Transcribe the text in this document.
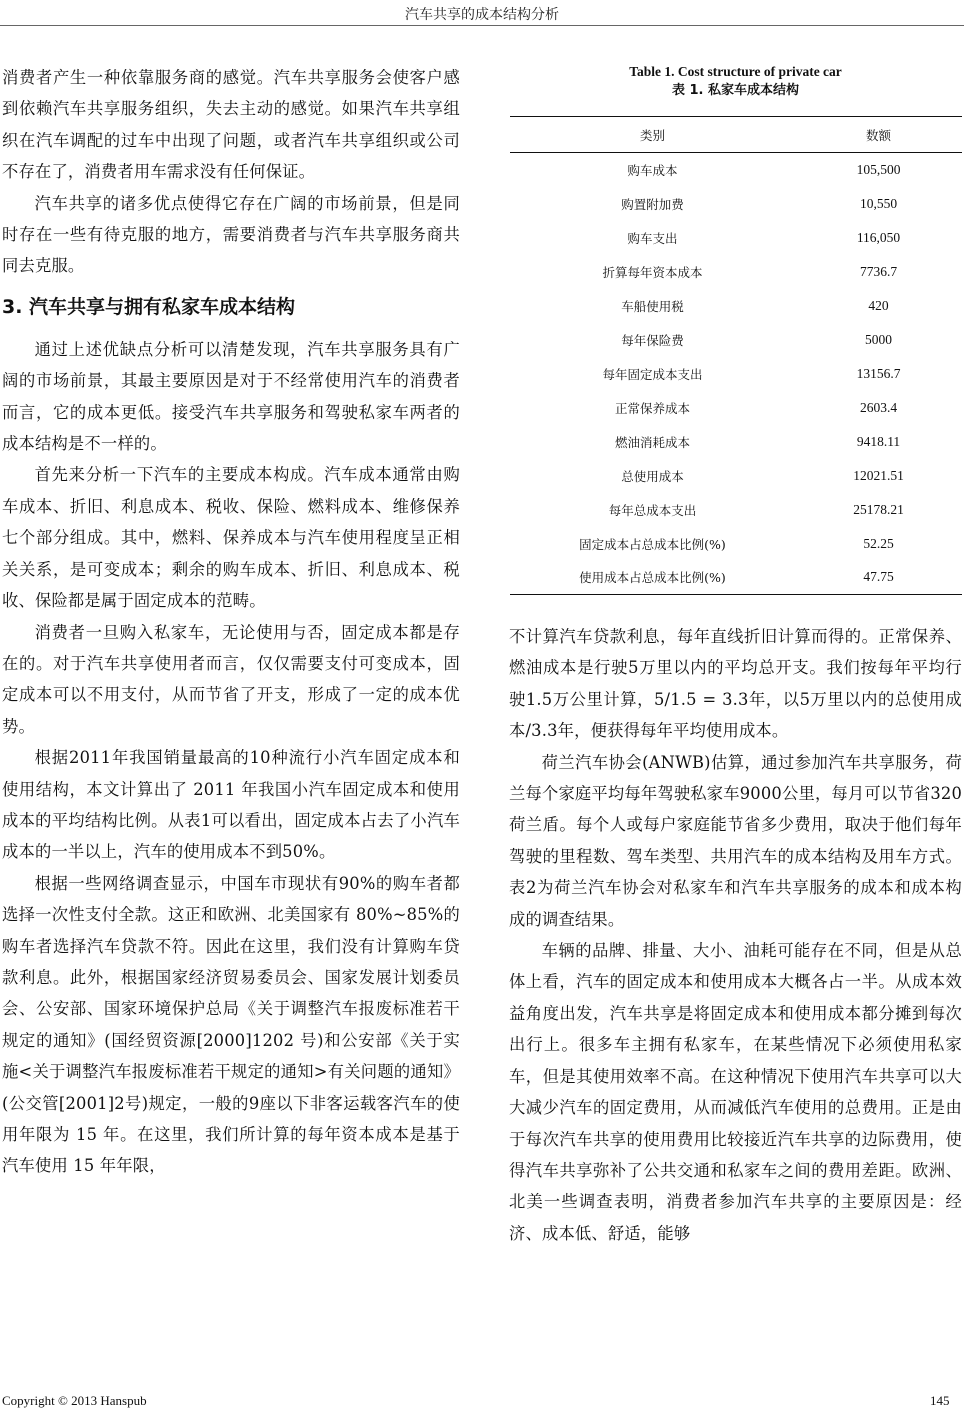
汽车共享的成本结构分析

消费者产生一种依靠服务商的感觉。汽车共享服务会使客户感到依赖汽车共享服务组织，失去主动的感觉。如果汽车共享组织在汽车调配的过车中出现了问题，或者汽车共享组织或公司不存在了，消费者用车需求没有任何保证。

汽车共享的诸多优点使得它存在广阔的市场前景，但是同时存在一些有待克服的地方，需要消费者与汽车共享服务商共同去克服。

3. 汽车共享与拥有私家车成本结构

通过上述优缺点分析可以清楚发现，汽车共享服务具有广阔的市场前景，其最主要原因是对于不经常使用汽车的消费者而言，它的成本更低。接受汽车共享服务和驾驶私家车两者的成本结构是不一样的。

首先来分析一下汽车的主要成本构成。汽车成本通常由购车成本、折旧、利息成本、税收、保险、燃料成本、维修保养七个部分组成。其中，燃料、保养成本与汽车使用程度呈正相关关系，是可变成本；剩余的购车成本、折旧、利息成本、税收、保险都是属于固定成本的范畴。

消费者一旦购入私家车，无论使用与否，固定成本都是存在的。对于汽车共享使用者而言，仅仅需要支付可变成本，固定成本可以不用支付，从而节省了开支，形成了一定的成本优势。

根据2011年我国销量最高的10种流行小汽车固定成本和使用结构，本文计算出了 2011 年我国小汽车固定成本和使用成本的平均结构比例。从表1可以看出，固定成本占去了小汽车成本的一半以上，汽车的使用成本不到50%。

根据一些网络调查显示，中国车市现状有90%的购车者都选择一次性支付全款。这正和欧洲、北美国家有 80%~85%的购车者选择汽车贷款不符。因此在这里，我们没有计算购车贷款利息。此外，根据国家经济贸易委员会、国家发展计划委员会、公安部、国家环境保护总局《关于调整汽车报废标准若干规定的通知》(国经贸资源[2000]1202 号)和公安部《关于实施<关于调整汽车报废标准若干规定的通知>有关问题的通知》(公交管[2001]2号)规定，一般的9座以下非客运载客汽车的使用年限为 15 年。在这里，我们所计算的每年资本成本是基于汽车使用 15 年年限，

Table 1. Cost structure of private car
表 1. 私家车成本结构
类别	数额
购车成本	105,500
购置附加费	10,550
购车支出	116,050
折算每年资本成本	7736.7
车船使用税	420
每年保险费	5000
每年固定成本支出	13156.7
正常保养成本	2603.4
燃油消耗成本	9418.11
总使用成本	12021.51
每年总成本支出	25178.21
固定成本占总成本比例(%)	52.25
使用成本占总成本比例(%)	47.75

不计算汽车贷款利息，每年直线折旧计算而得的。正常保养、燃油成本是行驶5万里以内的平均总开支。我们按每年平均行驶1.5万公里计算，5/1.5 = 3.3年，以5万里以内的总使用成本/3.3年，便获得每年平均使用成本。

荷兰汽车协会(ANWB)估算，通过参加汽车共享服务，荷兰每个家庭平均每年驾驶私家车9000公里，每月可以节省320荷兰盾。每个人或每户家庭能节省多少费用，取决于他们每年驾驶的里程数、驾车类型、共用汽车的成本结构及用车方式。表2为荷兰汽车协会对私家车和汽车共享服务的成本和成本构成的调查结果。

车辆的品牌、排量、大小、油耗可能存在不同，但是从总体上看，汽车的固定成本和使用成本大概各占一半。从成本效益角度出发，汽车共享是将固定成本和使用成本都分摊到每次出行上。很多车主拥有私家车，在某些情况下必须使用私家车，但是其使用效率不高。在这种情况下使用汽车共享可以大大减少汽车的固定费用，从而减低汽车使用的总费用。正是由于每次汽车共享的使用费用比较接近汽车共享的边际费用，使得汽车共享弥补了公共交通和私家车之间的费用差距。欧洲、北美一些调查表明，消费者参加汽车共享的主要原因是：经济、成本低、舒适，能够

Copyright © 2013 Hanspub	145
